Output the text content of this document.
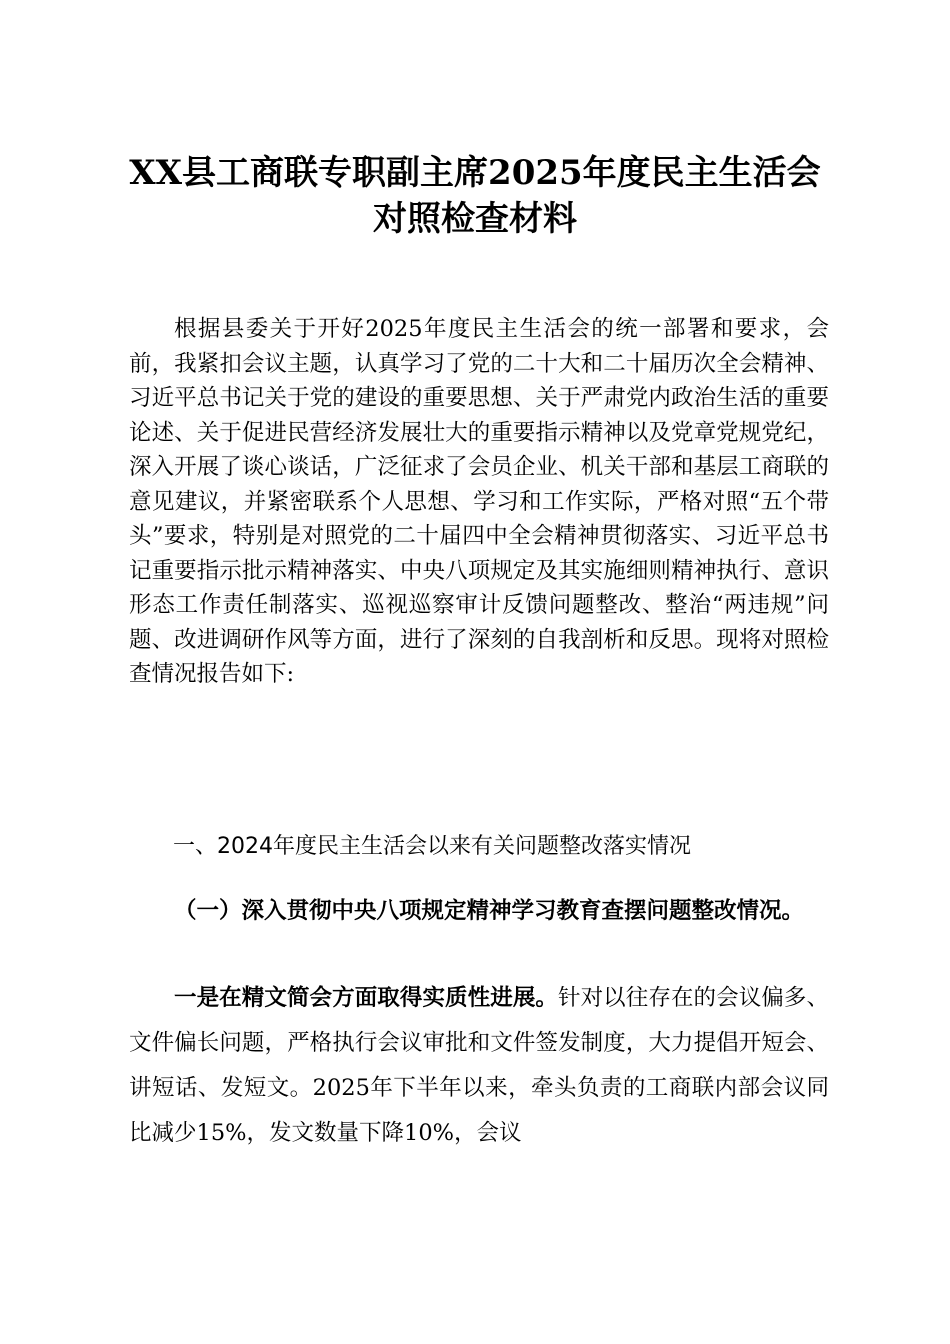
XX县工商联专职副主席2025年度民主生活会
对照检查材料

根据县委关于开好2025年度民主生活会的统一部署和要求，会前，我紧扣会议主题，认真学习了党的二十大和二十届历次全会精神、习近平总书记关于党的建设的重要思想、关于严肃党内政治生活的重要论述、关于促进民营经济发展壮大的重要指示精神以及党章党规党纪，深入开展了谈心谈话，广泛征求了会员企业、机关干部和基层工商联的意见建议，并紧密联系个人思想、学习和工作实际，严格对照“五个带头”要求，特别是对照党的二十届四中全会精神贯彻落实、习近平总书记重要指示批示精神落实、中央八项规定及其实施细则精神执行、意识形态工作责任制落实、巡视巡察审计反馈问题整改、整治“两违规”问题、改进调研作风等方面，进行了深刻的自我剖析和反思。现将对照检查情况报告如下:

一、2024年度民主生活会以来有关问题整改落实情况

（一）深入贯彻中央八项规定精神学习教育查摆问题整改情况。

一是在精文简会方面取得实质性进展。针对以往存在的会议偏多、文件偏长问题，严格执行会议审批和文件签发制度，大力提倡开短会、讲短话、发短文。2025年下半年以来，牵头负责的工商联内部会议同比减少15%，发文数量下降10%，会议
